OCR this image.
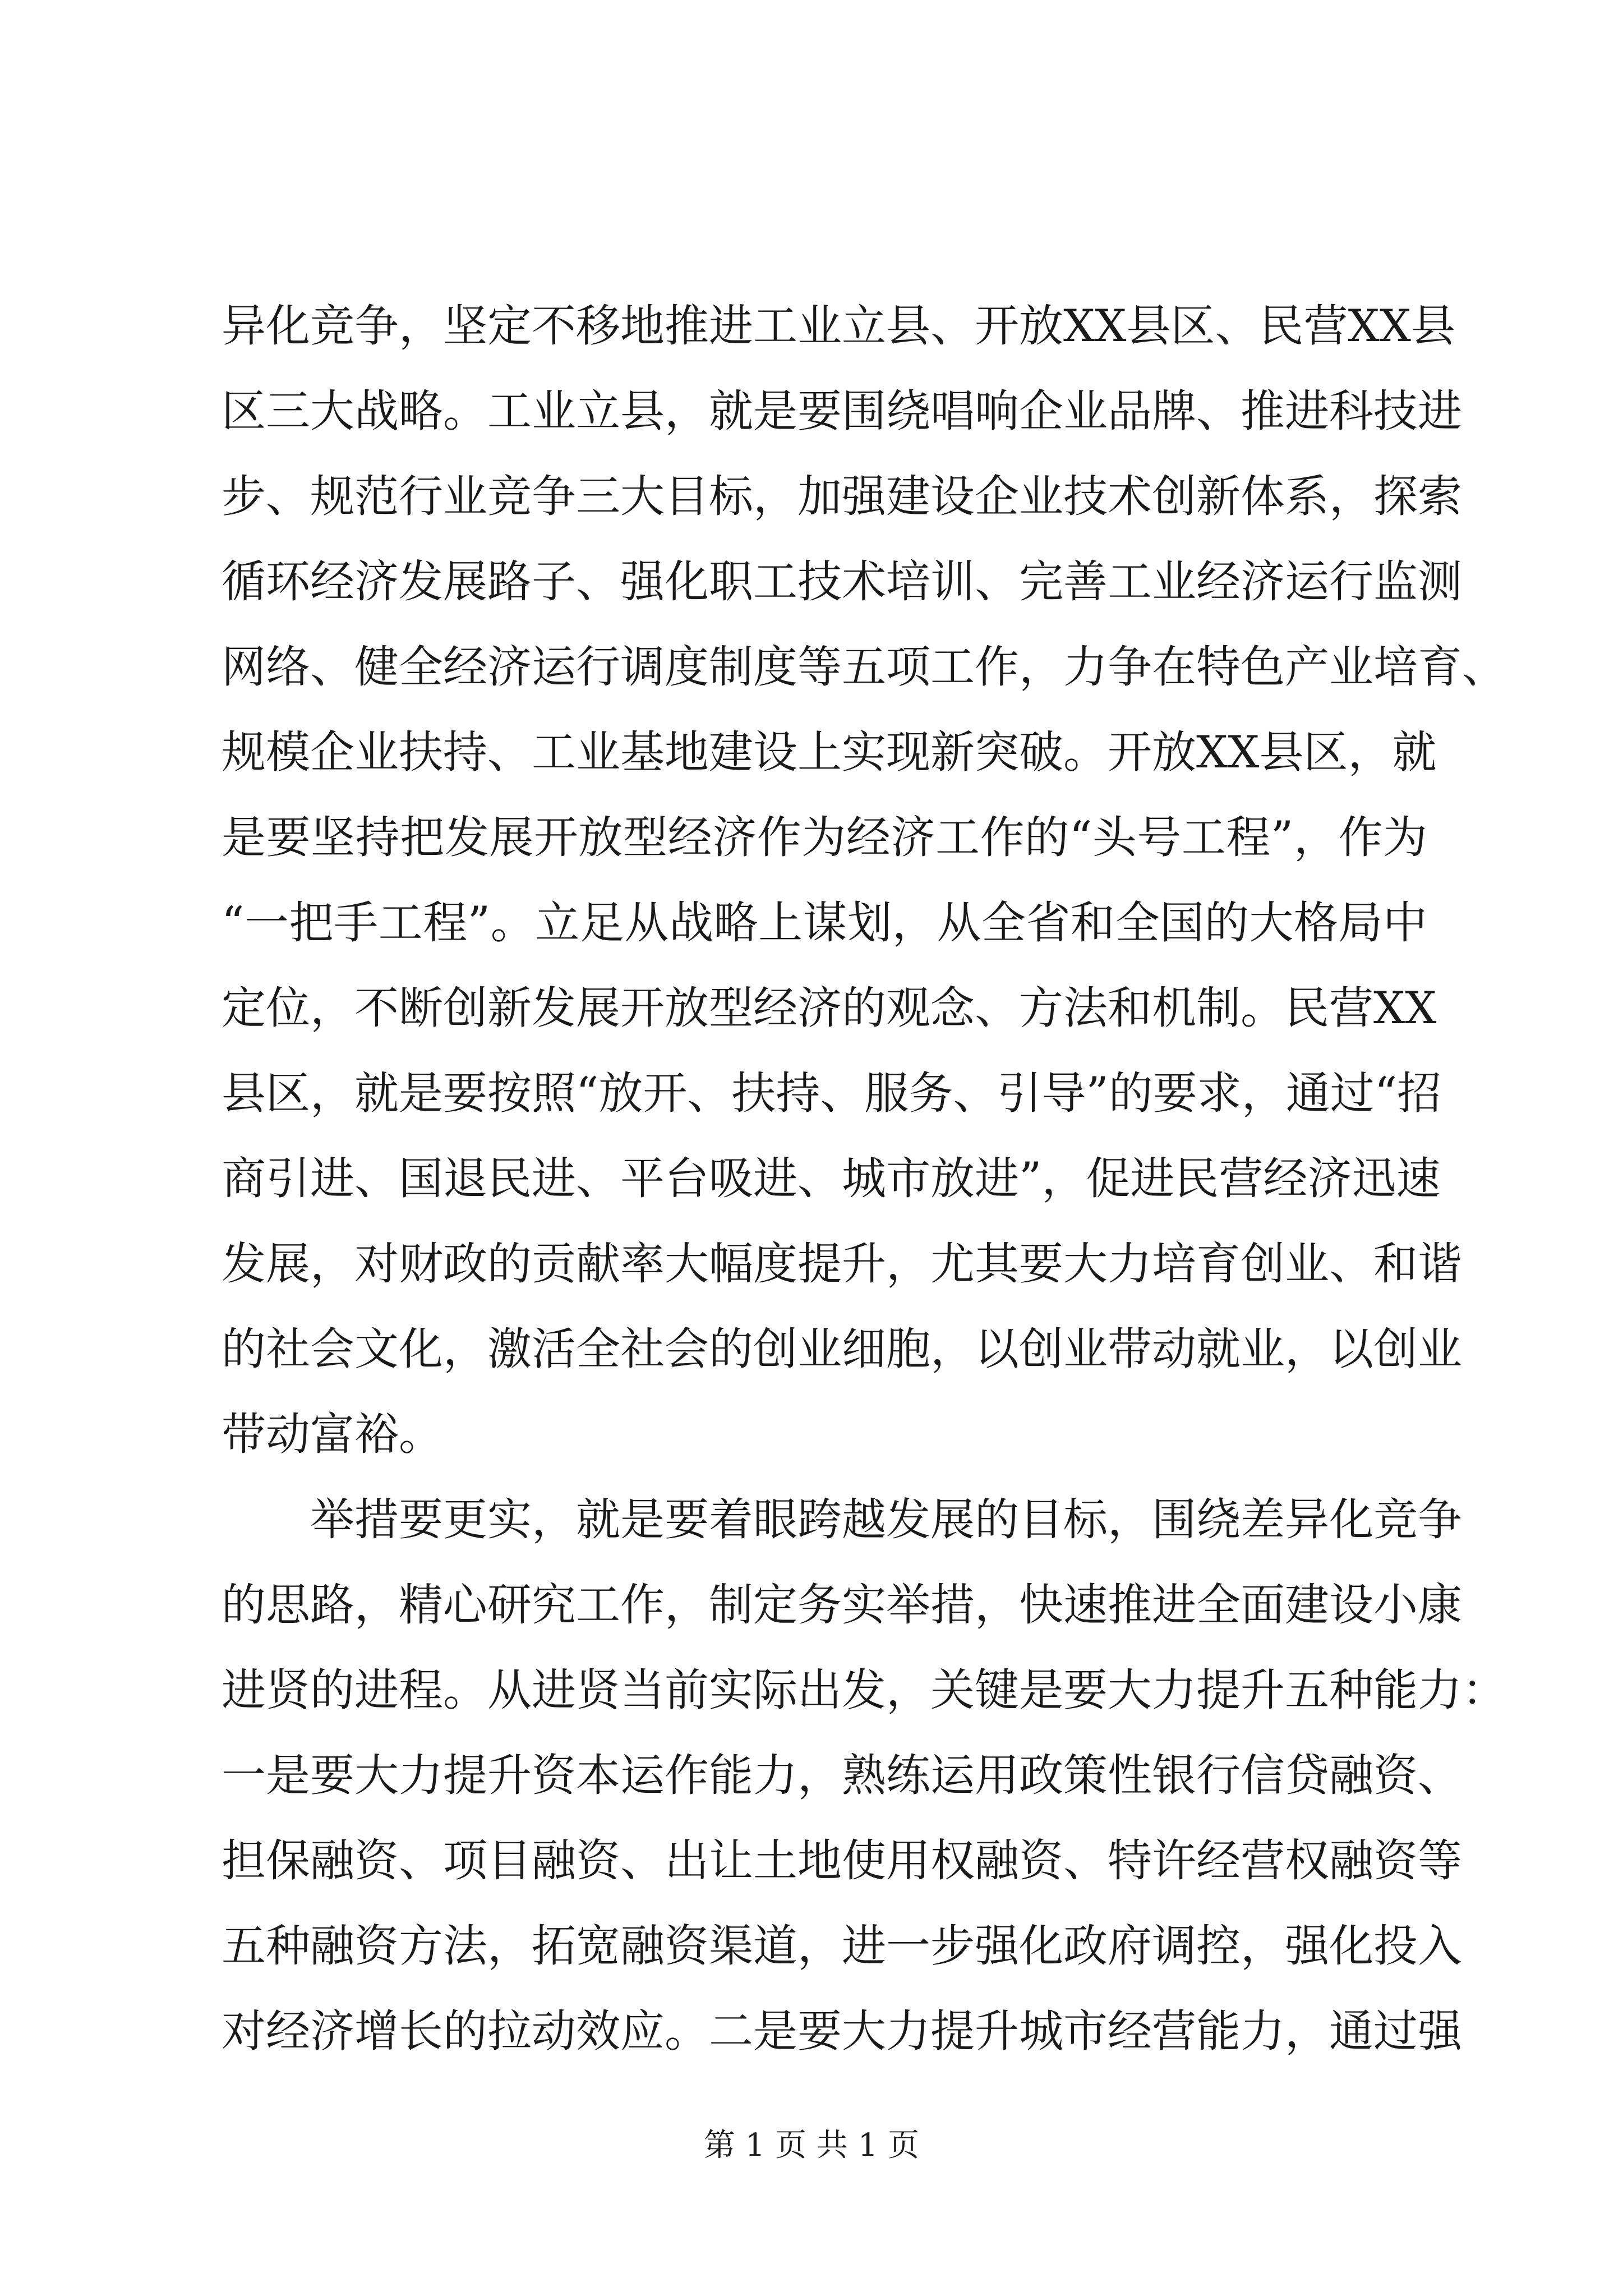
异化竞争，坚定不移地推进工业立县、开放XX县区、民营XX县
区三大战略。工业立县，就是要围绕唱响企业品牌、推进科技进
步、规范行业竞争三大目标，加强建设企业技术创新体系，探索
循环经济发展路子、强化职工技术培训、完善工业经济运行监测
网络、健全经济运行调度制度等五项工作，力争在特色产业培育、
规模企业扶持、工业基地建设上实现新突破。开放XX县区，就
是要坚持把发展开放型经济作为经济工作的“头号工程”，作为
“一把手工程”。立足从战略上谋划，从全省和全国的大格局中
定位，不断创新发展开放型经济的观念、方法和机制。民营XX
县区，就是要按照“放开、扶持、服务、引导”的要求，通过“招
商引进、国退民进、平台吸进、城市放进”，促进民营经济迅速
发展，对财政的贡献率大幅度提升，尤其要大力培育创业、和谐
的社会文化，激活全社会的创业细胞，以创业带动就业，以创业
带动富裕。
举措要更实，就是要着眼跨越发展的目标，围绕差异化竞争
的思路，精心研究工作，制定务实举措，快速推进全面建设小康
进贤的进程。从进贤当前实际出发，关键是要大力提升五种能力：
一是要大力提升资本运作能力，熟练运用政策性银行信贷融资、
担保融资、项目融资、出让土地使用权融资、特许经营权融资等
五种融资方法，拓宽融资渠道，进一步强化政府调控，强化投入
对经济增长的拉动效应。二是要大力提升城市经营能力，通过强
第 1 页 共 1 页
